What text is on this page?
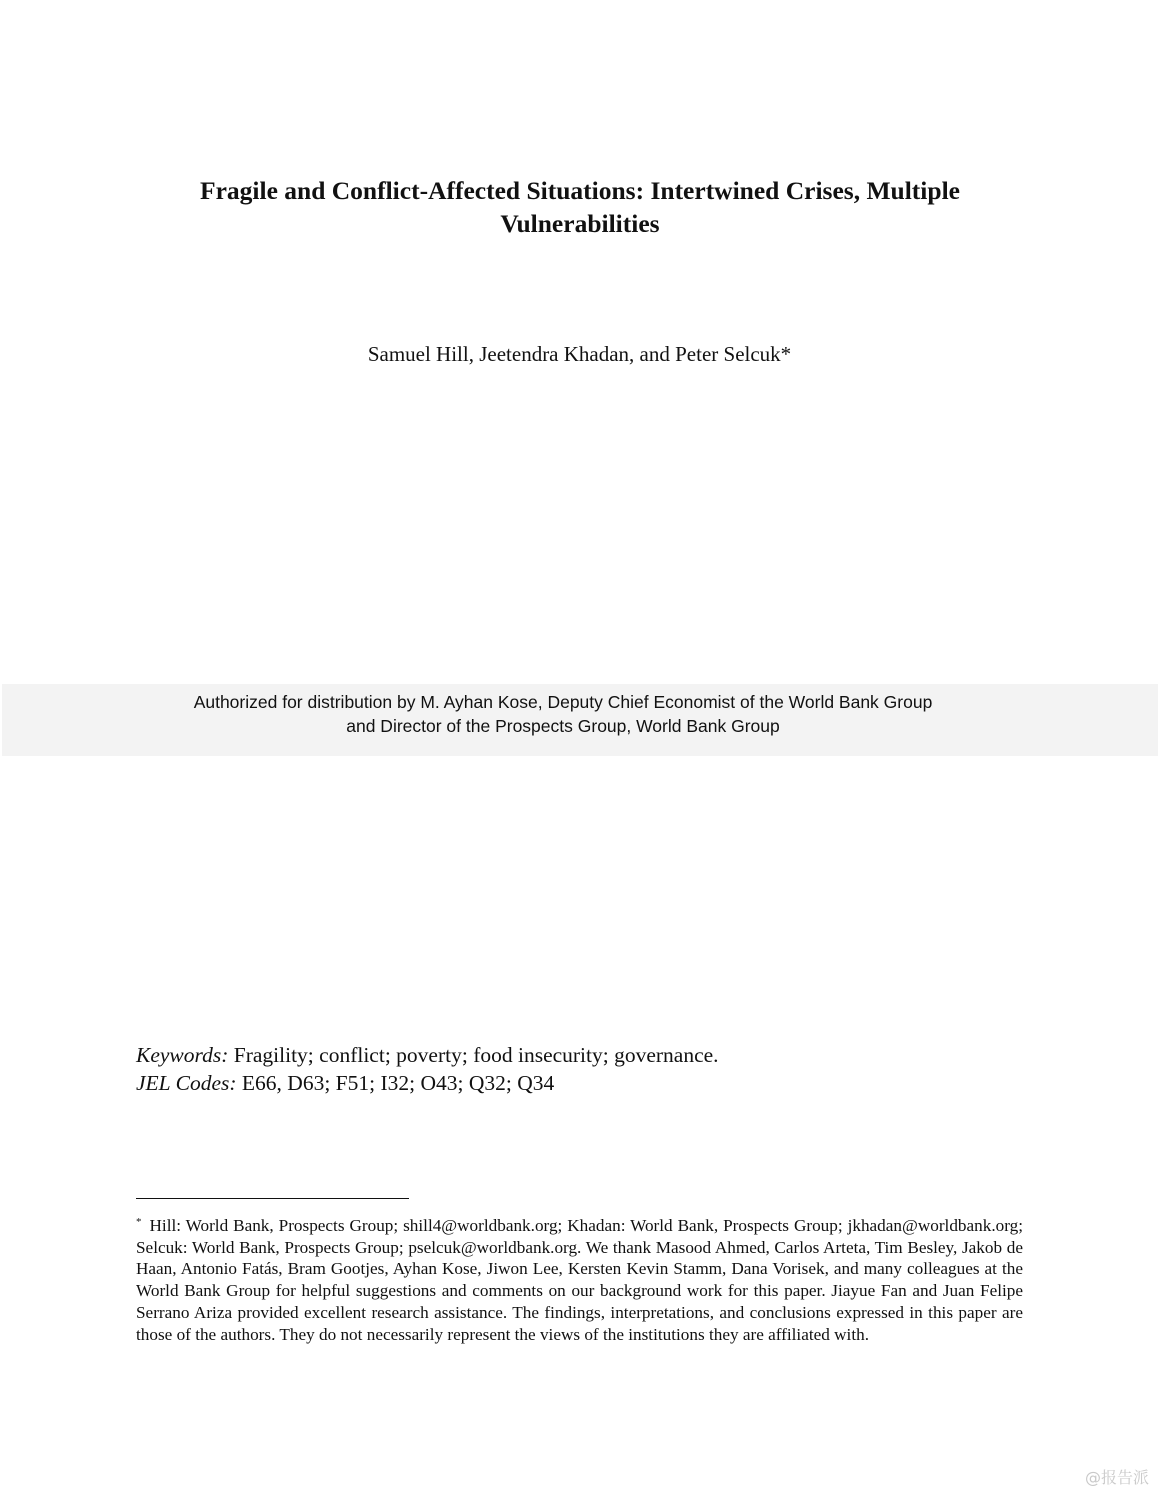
Fragile and Conflict-Affected Situations: Intertwined Crises, Multiple Vulnerabilities
Samuel Hill, Jeetendra Khadan, and Peter Selcuk*
Authorized for distribution by M. Ayhan Kose, Deputy Chief Economist of the World Bank Group
and Director of the Prospects Group, World Bank Group
Keywords: Fragility; conflict; poverty; food insecurity; governance.
JEL Codes: E66, D63; F51; I32; O43; Q32; Q34

* Hill: World Bank, Prospects Group; shill4@worldbank.org; Khadan: World Bank, Prospects Group; jkhadan@worldbank.org; Selcuk: World Bank, Prospects Group; pselcuk@worldbank.org. We thank Masood Ahmed, Carlos Arteta, Tim Besley, Jakob de Haan, Antonio Fatás, Bram Gootjes, Ayhan Kose, Jiwon Lee, Kersten Kevin Stamm, Dana Vorisek, and many colleagues at the World Bank Group for helpful suggestions and comments on our background work for this paper. Jiayue Fan and Juan Felipe Serrano Ariza provided excellent research assistance. The findings, interpretations, and conclusions expressed in this paper are those of the authors. They do not necessarily represent the views of the institutions they are affiliated with.

@报告派
